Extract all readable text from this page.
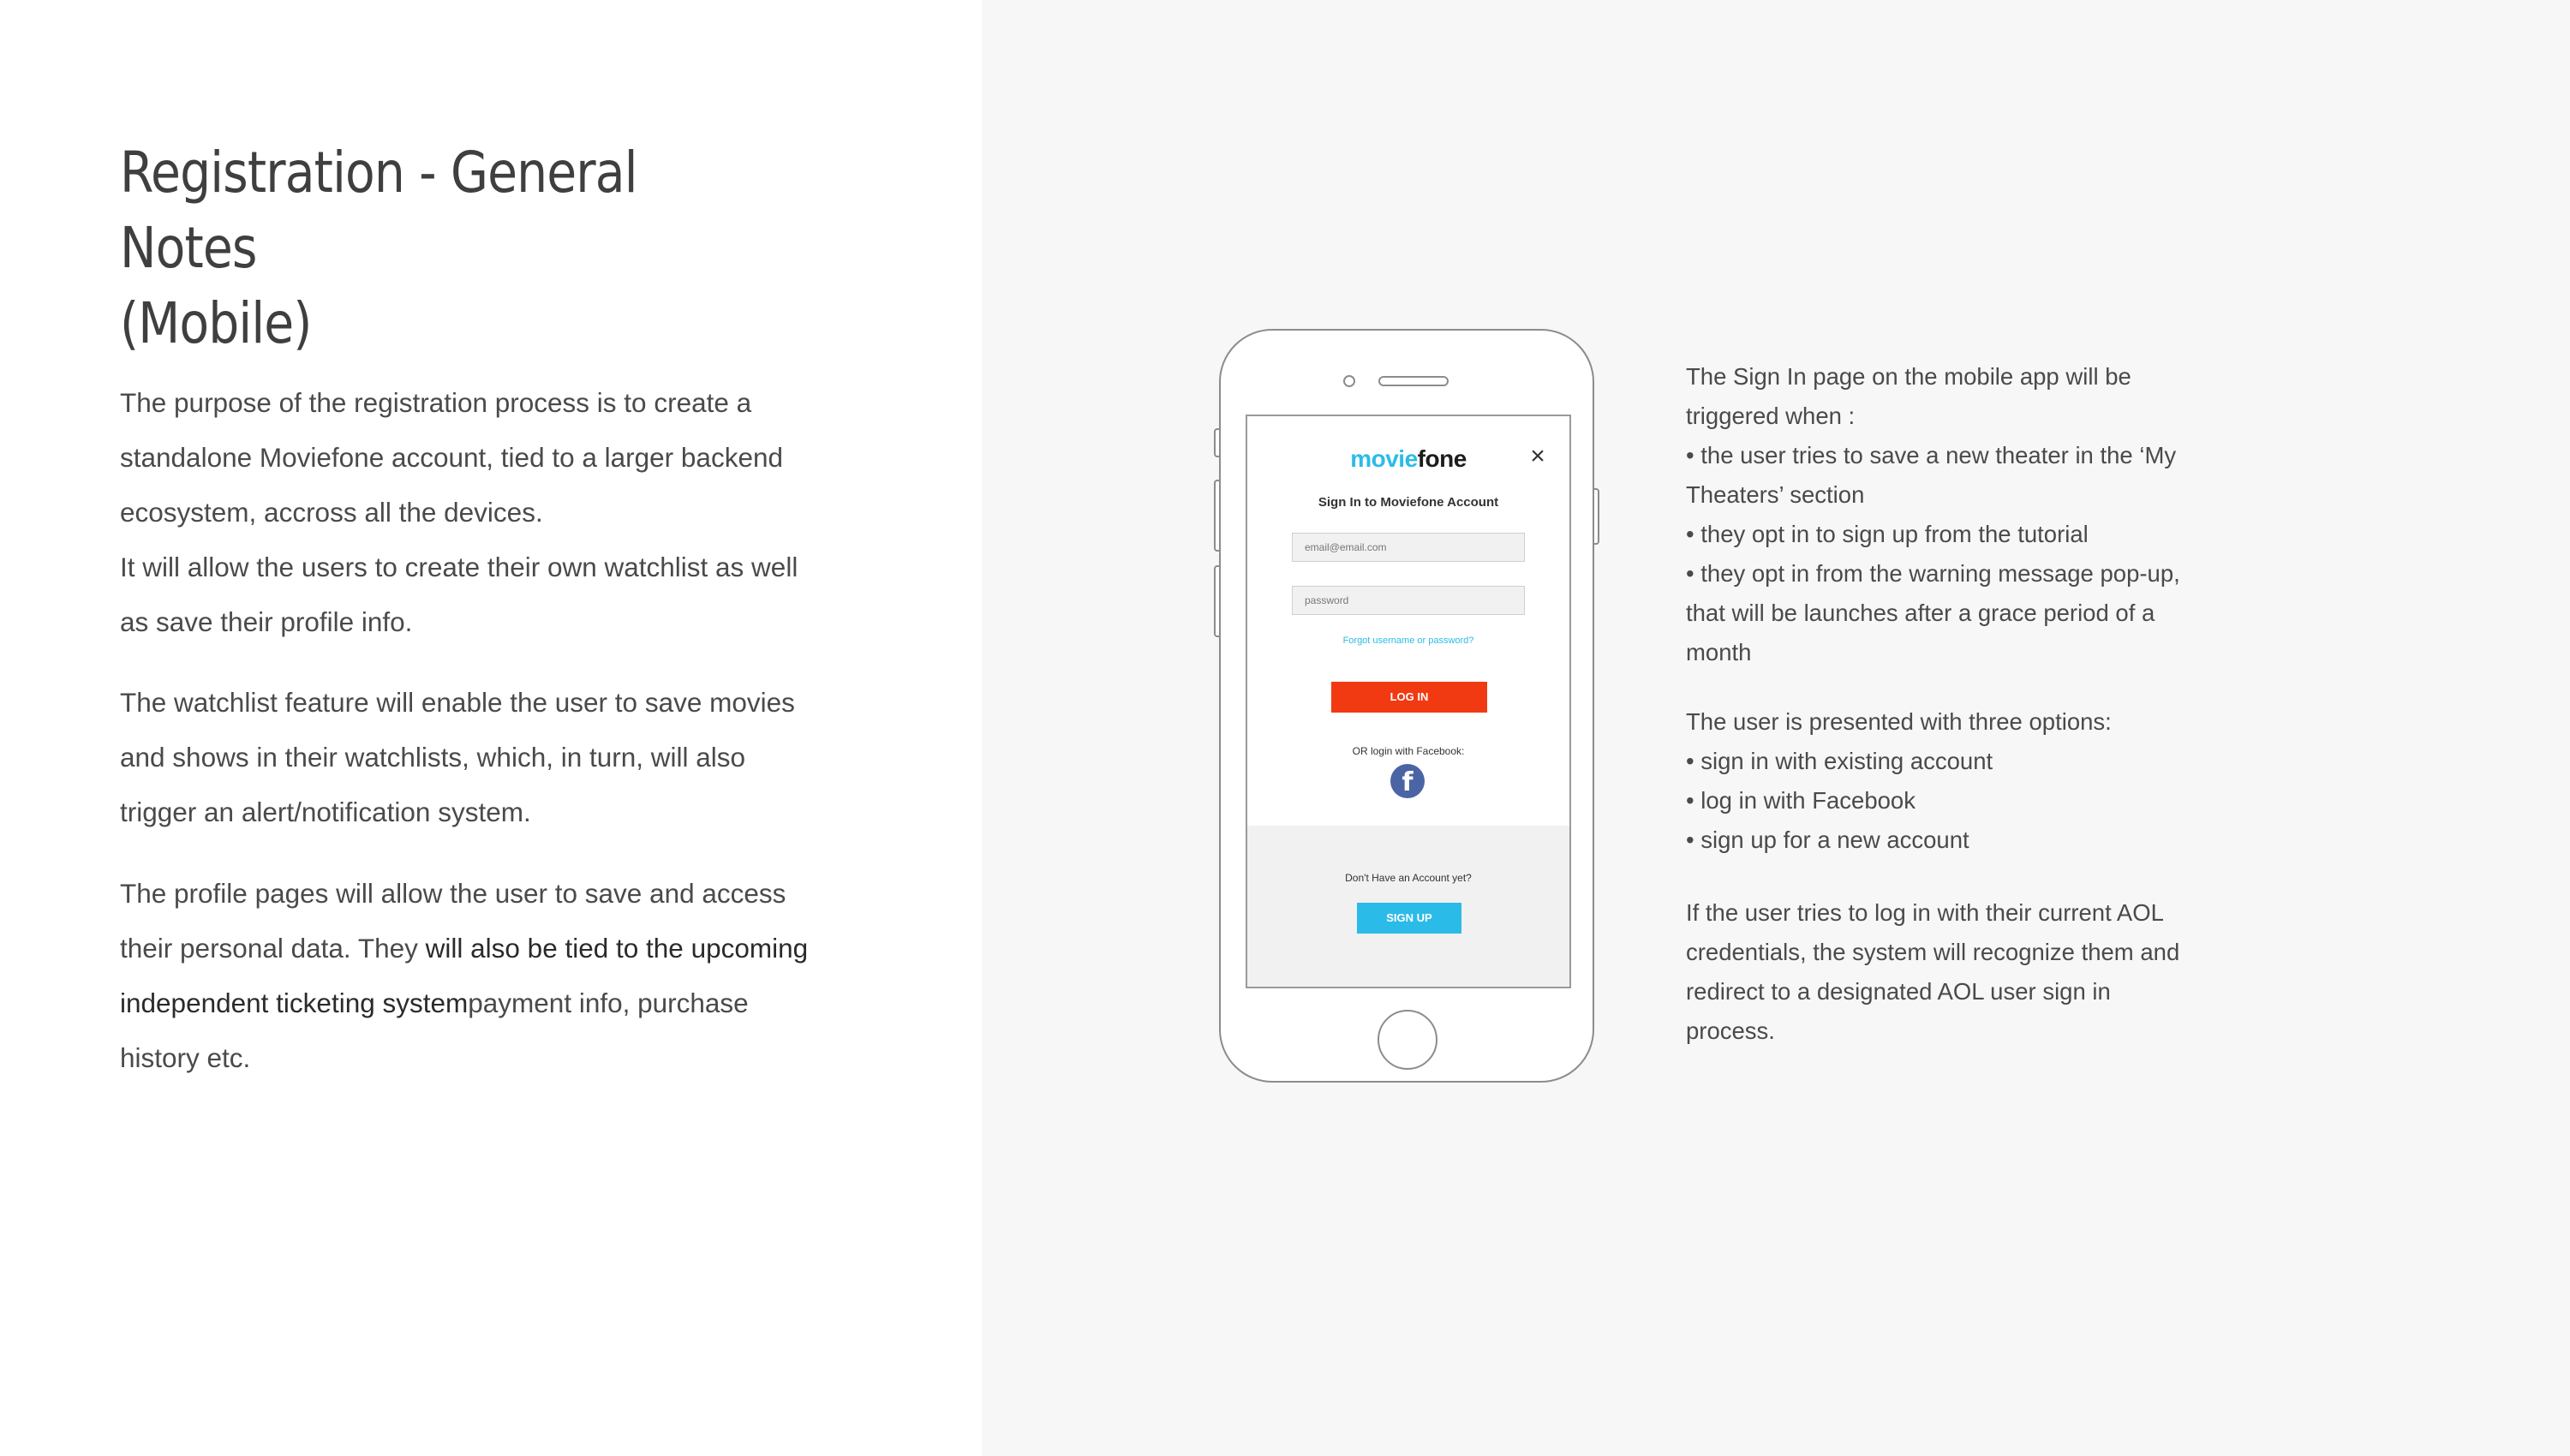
Registration - General Notes
(Mobile)
The purpose of the registration process is to create a
standalone Moviefone account, tied to a larger backend
ecosystem, accross all the devices.
It will allow the users to create their own watchlist as well
as save their profile info.
The watchlist feature will enable the user to save movies
and shows in their watchlists, which, in turn, will also
trigger an alert/notification system.
The profile pages will allow the user to save and access
their personal data. They will also be tied to the upcoming
independent ticketing systempayment info, purchase
history etc.
moviefone	×
Sign In to Moviefone Account
email@email.com
password
Forgot username or password?
LOG IN
OR login with Facebook:
f
Don't Have an Account yet?
SIGN UP
The Sign In page on the mobile app will be
triggered when :
• the user tries to save a new theater in the ‘My
Theaters’ section
• they opt in to sign up from the tutorial
• they opt in from the warning message pop-up,
that will be launches after a grace period of a
month
The user is presented with three options:
• sign in with existing account
• log in with Facebook
• sign up for a new account
If the user tries to log in with their current AOL
credentials, the system will recognize them and
redirect to a designated AOL user sign in
process.
